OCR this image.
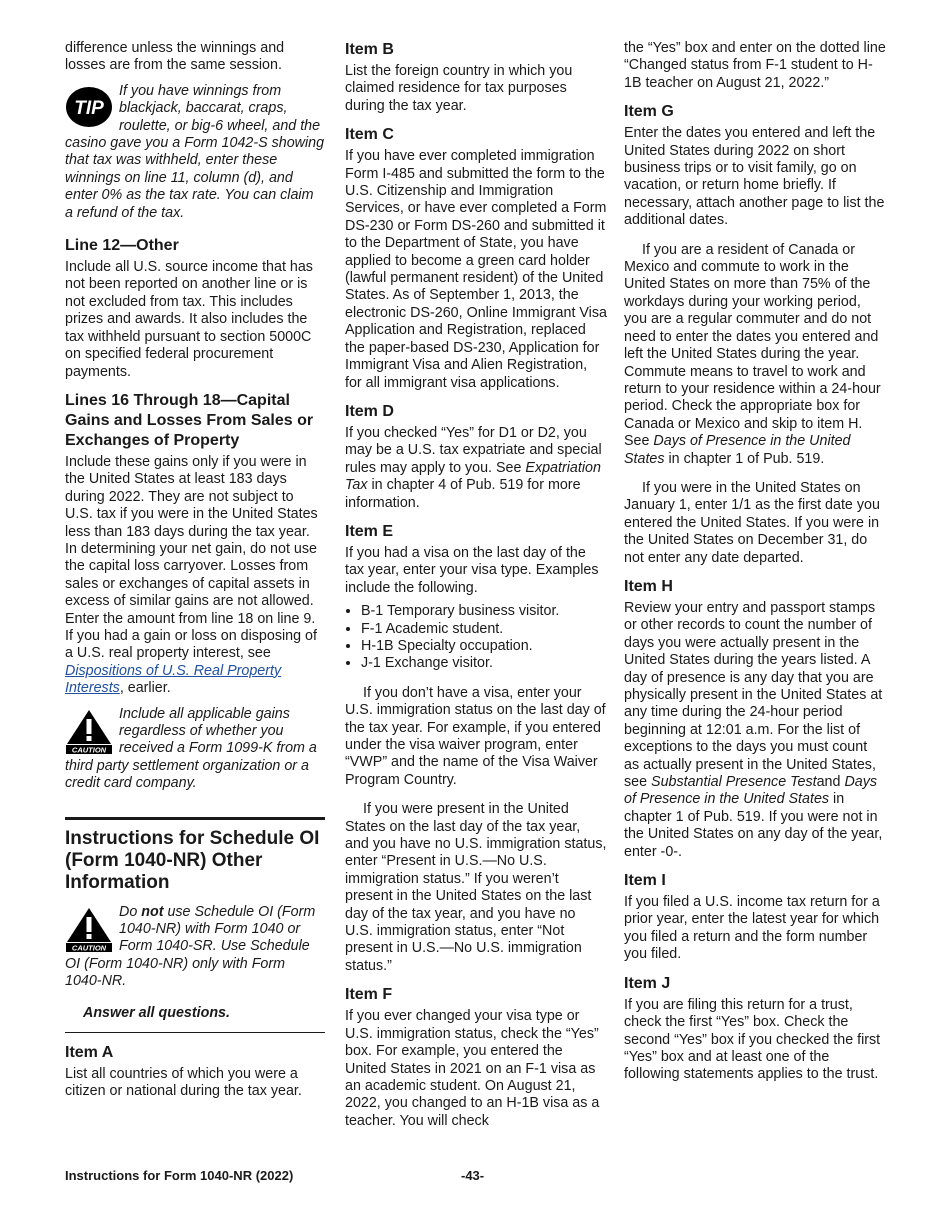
difference unless the winnings and losses are from the same session.

TIP
If you have winnings from blackjack, baccarat, craps, roulette, or big-6 wheel, and the casino gave you a Form 1042-S showing that tax was withheld, enter these winnings on line 11, column (d), and enter 0% as the tax rate. You can claim a refund of the tax.
Line 12—Other

Include all U.S. source income that has not been reported on another line or is not excluded from tax. This includes prizes and awards. It also includes the tax withheld pursuant to section 5000C on specified federal procurement payments.

Lines 16 Through 18—Capital Gains and Losses From Sales or Exchanges of Property

Include these gains only if you were in the United States at least 183 days during 2022. They are not subject to U.S. tax if you were in the United States less than 183 days during the tax year. In determining your net gain, do not use the capital loss carryover. Losses from sales or exchanges of capital assets in excess of similar gains are not allowed. Enter the amount from line 18 on line 9. If you had a gain or loss on disposing of a U.S. real property interest, see Dispositions of U.S. Real Property Interests, earlier.

CAUTION
Include all applicable gains regardless of whether you received a Form 1099-K from a third party settlement organization or a credit card company.
Instructions for Schedule OI (Form 1040-NR) Other Information
CAUTION
Do not use Schedule OI (Form 1040-NR) with Form 1040 or Form 1040-SR. Use Schedule OI (Form 1040-NR) only with Form 1040-NR.

Answer all questions.

Item A

List all countries of which you were a citizen or national during the tax year.

Item B

List the foreign country in which you claimed residence for tax purposes during the tax year.

Item C

If you have ever completed immigration Form I-485 and submitted the form to the U.S. Citizenship and Immigration Services, or have ever completed a Form DS-230 or Form DS-260 and submitted it to the Department of State, you have applied to become a green card holder (lawful permanent resident) of the United States. As of September 1, 2013, the electronic DS-260, Online Immigrant Visa Application and Registration, replaced the paper-based DS-230, Application for Immigrant Visa and Alien Registration, for all immigrant visa applications.

Item D

If you checked “Yes” for D1 or D2, you may be a U.S. tax expatriate and special rules may apply to you. See Expatriation Tax in chapter 4 of Pub. 519 for more information.

Item E

If you had a visa on the last day of the tax year, enter your visa type. Examples include the following.

• B-1 Temporary business visitor.
• F-1 Academic student.
• H-1B Specialty occupation.
• J-1 Exchange visitor.

If you don’t have a visa, enter your U.S. immigration status on the last day of the tax year. For example, if you entered under the visa waiver program, enter “VWP” and the name of the Visa Waiver Program Country.

If you were present in the United States on the last day of the tax year, and you have no U.S. immigration status, enter “Present in U.S.—No U.S. immigration status.” If you weren’t present in the United States on the last day of the tax year, and you have no U.S. immigration status, enter “Not present in U.S.—No U.S. immigration status.”

Item F

If you ever changed your visa type or U.S. immigration status, check the “Yes” box. For example, you entered the United States in 2021 on an F-1 visa as an academic student. On August 21, 2022, you changed to an H-1B visa as a teacher. You will check

the “Yes” box and enter on the dotted line “Changed status from F-1 student to H-1B teacher on August 21, 2022.”

Item G

Enter the dates you entered and left the United States during 2022 on short business trips or to visit family, go on vacation, or return home briefly. If necessary, attach another page to list the additional dates.

If you are a resident of Canada or Mexico and commute to work in the United States on more than 75% of the workdays during your working period, you are a regular commuter and do not need to enter the dates you entered and left the United States during the year. Commute means to travel to work and return to your residence within a 24-hour period. Check the appropriate box for Canada or Mexico and skip to item H. See Days of Presence in the United States in chapter 1 of Pub. 519.

If you were in the United States on January 1, enter 1/1 as the first date you entered the United States. If you were in the United States on December 31, do not enter any date departed.

Item H

Review your entry and passport stamps or other records to count the number of days you were actually present in the United States during the years listed. A day of presence is any day that you are physically present in the United States at any time during the 24-hour period beginning at 12:01 a.m. For the list of exceptions to the days you must count as actually present in the United States, see Substantial Presence Testand Days of Presence in the United States in chapter 1 of Pub. 519. If you were not in the United States on any day of the year, enter -0-.

Item I

If you filed a U.S. income tax return for a prior year, enter the latest year for which you filed a return and the form number you filed.

Item J

If you are filing this return for a trust, check the first “Yes” box. Check the second “Yes” box if you checked the first “Yes” box and at least one of the following statements applies to the trust.

Instructions for Form 1040-NR (2022)	-43-
